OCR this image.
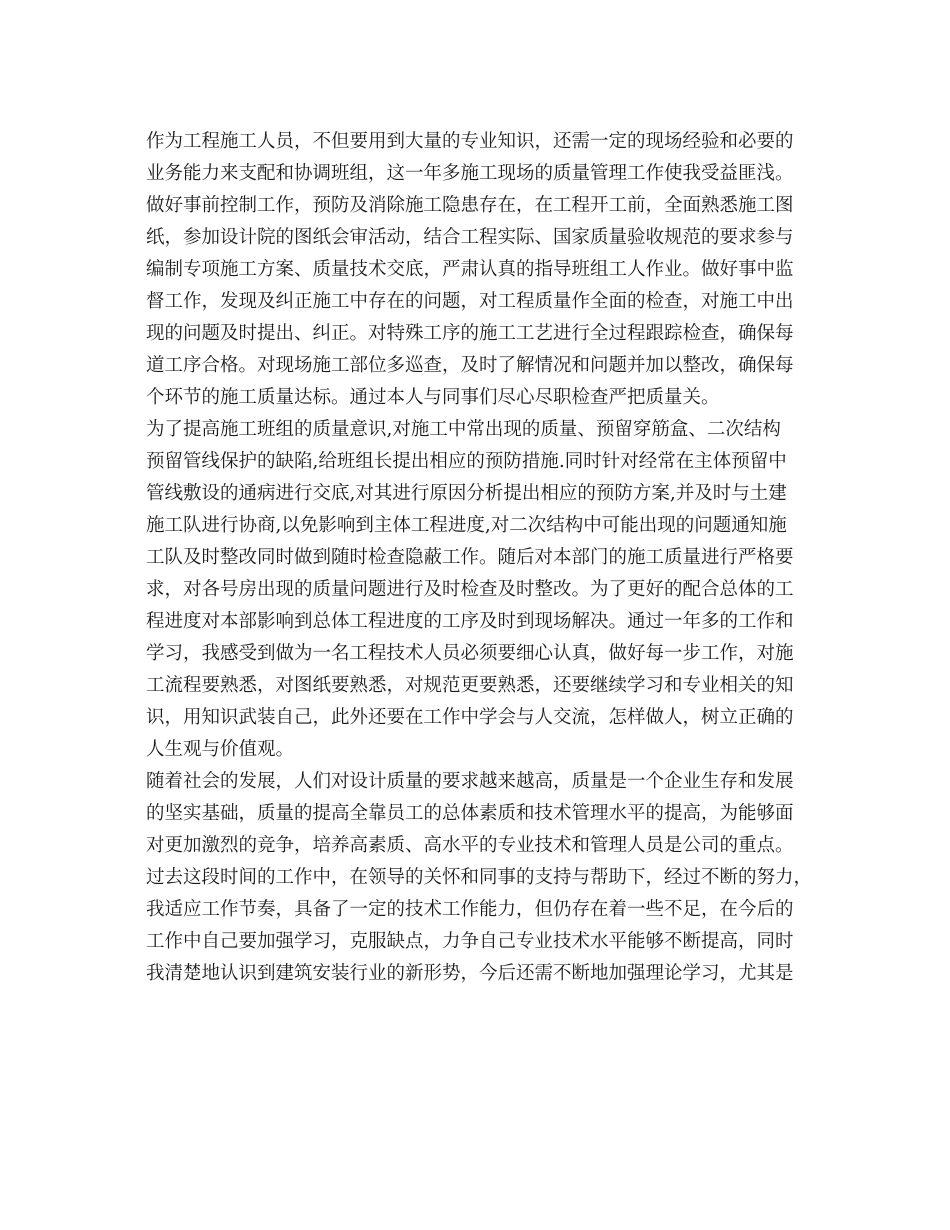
作为工程施工人员，不但要用到大量的专业知识，还需一定的现场经验和必要的
业务能力来支配和协调班组，这一年多施工现场的质量管理工作使我受益匪浅。
做好事前控制工作，预防及消除施工隐患存在，在工程开工前，全面熟悉施工图
纸，参加设计院的图纸会审活动，结合工程实际、国家质量验收规范的要求参与
编制专项施工方案、质量技术交底，严肃认真的指导班组工人作业。做好事中监
督工作，发现及纠正施工中存在的问题，对工程质量作全面的检查，对施工中出
现的问题及时提出、纠正。对特殊工序的施工工艺进行全过程跟踪检查，确保每
道工序合格。对现场施工部位多巡查，及时了解情况和问题并加以整改，确保每
个环节的施工质量达标。通过本人与同事们尽心尽职检查严把质量关。
为了提高施工班组的质量意识,对施工中常出现的质量、预留穿筋盒、二次结构
预留管线保护的缺陷,给班组长提出相应的预防措施.同时针对经常在主体预留中
管线敷设的通病进行交底,对其进行原因分析提出相应的预防方案,并及时与土建
施工队进行协商,以免影响到主体工程进度,对二次结构中可能出现的问题通知施
工队及时整改同时做到随时检查隐蔽工作。随后对本部门的施工质量进行严格要
求，对各号房出现的质量问题进行及时检查及时整改。为了更好的配合总体的工
程进度对本部影响到总体工程进度的工序及时到现场解决。通过一年多的工作和
学习，我感受到做为一名工程技术人员必须要细心认真，做好每一步工作，对施
工流程要熟悉，对图纸要熟悉，对规范更要熟悉，还要继续学习和专业相关的知
识，用知识武装自己，此外还要在工作中学会与人交流，怎样做人，树立正确的
人生观与价值观。
随着社会的发展，人们对设计质量的要求越来越高，质量是一个企业生存和发展
的坚实基础，质量的提高全靠员工的总体素质和技术管理水平的提高，为能够面
对更加激烈的竞争，培养高素质、高水平的专业技术和管理人员是公司的重点。
过去这段时间的工作中，在领导的关怀和同事的支持与帮助下，经过不断的努力，
我适应工作节奏，具备了一定的技术工作能力，但仍存在着一些不足，在今后的
工作中自己要加强学习，克服缺点，力争自己专业技术水平能够不断提高，同时
我清楚地认识到建筑安装行业的新形势，今后还需不断地加强理论学习，尤其是
